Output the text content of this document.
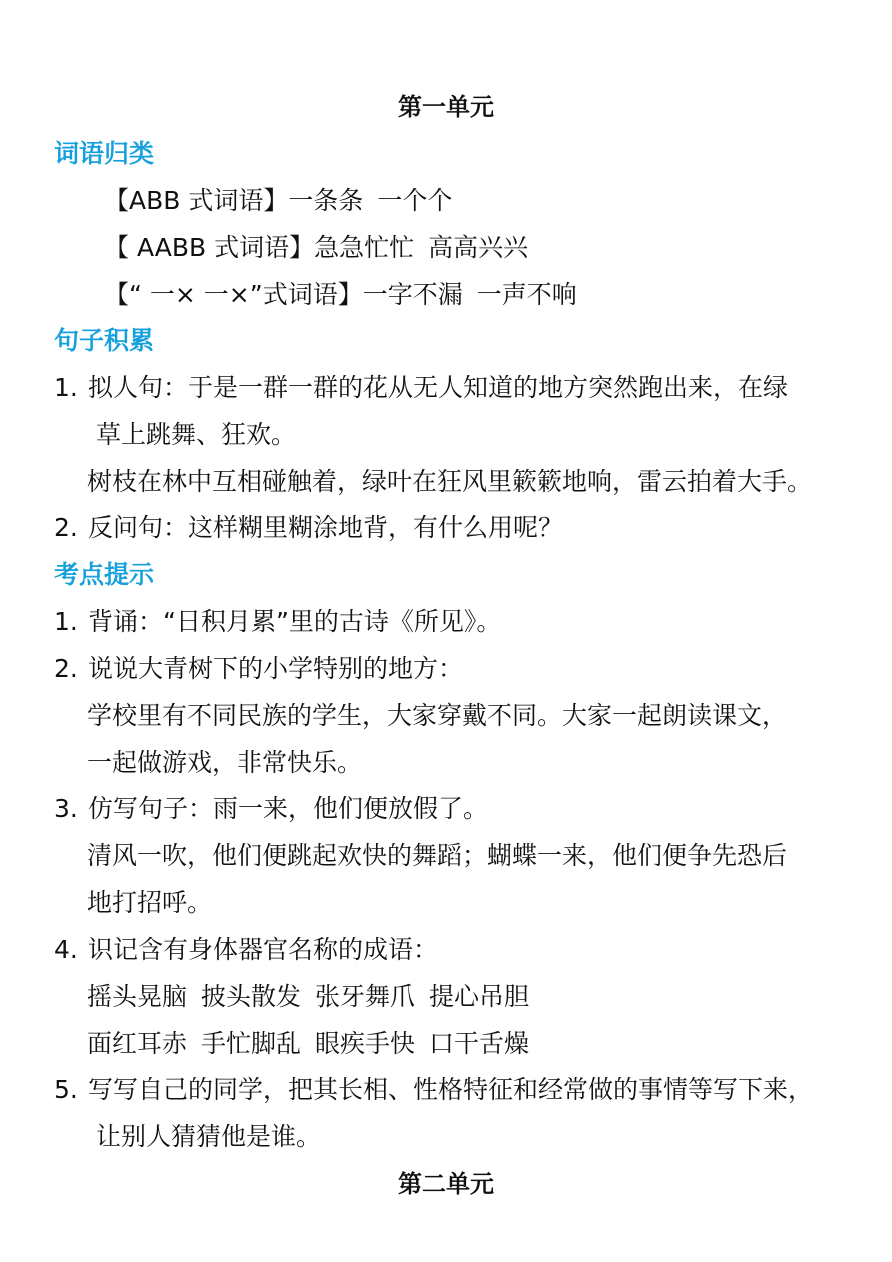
第一单元
词语归类
【ABB 式词语】一条条 一个个
【 AABB 式词语】急急忙忙 高高兴兴
【“ 一× 一×”式词语】一字不漏 一声不响
句子积累
1. 拟人句：于是一群一群的花从无人知道的地方突然跑出来，在绿
草上跳舞、狂欢。
树枝在林中互相碰触着，绿叶在狂风里簌簌地响，雷云拍着大手。
2. 反问句：这样糊里糊涂地背，有什么用呢？
考点提示
1. 背诵：“日积月累”里的古诗《所见》。
2. 说说大青树下的小学特别的地方：
学校里有不同民族的学生，大家穿戴不同。大家一起朗读课文，
一起做游戏，非常快乐。
3. 仿写句子：雨一来，他们便放假了。
清风一吹，他们便跳起欢快的舞蹈；蝴蝶一来，他们便争先恐后
地打招呼。
4. 识记含有身体器官名称的成语：
摇头晃脑 披头散发 张牙舞爪 提心吊胆
面红耳赤 手忙脚乱 眼疾手快 口干舌燥
5. 写写自己的同学，把其长相、性格特征和经常做的事情等写下来，
让别人猜猜他是谁。
第二单元
